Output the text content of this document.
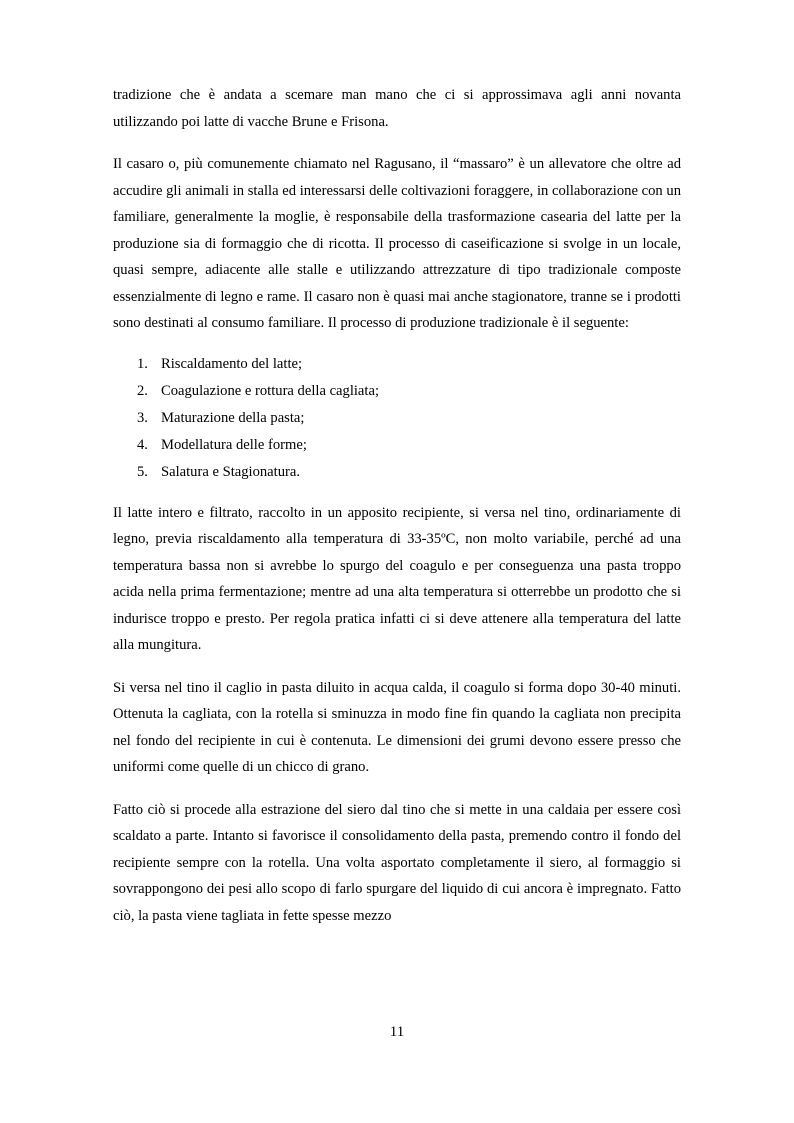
tradizione che è andata a scemare man mano che ci si approssimava agli anni novanta utilizzando poi latte di vacche Brune e Frisona.

Il casaro o, più comunemente chiamato nel Ragusano, il “massaro” è un allevatore che oltre ad accudire gli animali in stalla ed interessarsi delle coltivazioni foraggere, in collaborazione con un familiare, generalmente la moglie, è responsabile della trasformazione casearia del latte per la produzione sia di formaggio che di ricotta. Il processo di caseificazione si svolge in un locale, quasi sempre, adiacente alle stalle e utilizzando attrezzature di tipo tradizionale composte essenzialmente di legno e rame. Il casaro non è quasi mai anche stagionatore, tranne se i prodotti sono destinati al consumo familiare. Il processo di produzione tradizionale è il seguente:

1. Riscaldamento del latte;
2. Coagulazione e rottura della cagliata;
3. Maturazione della pasta;
4. Modellatura delle forme;
5. Salatura e Stagionatura.

Il latte intero e filtrato, raccolto in un apposito recipiente, si versa nel tino, ordinariamente di legno, previa riscaldamento alla temperatura di 33-35ºC, non molto variabile, perché ad una temperatura bassa non si avrebbe lo spurgo del coagulo e per conseguenza una pasta troppo acida nella prima fermentazione; mentre ad una alta temperatura si otterrebbe un prodotto che si indurisce troppo e presto. Per regola pratica infatti ci si deve attenere alla temperatura del latte alla mungitura.

Si versa nel tino il caglio in pasta diluito in acqua calda, il coagulo si forma dopo 30-40 minuti. Ottenuta la cagliata, con la rotella si sminuzza in modo fine fin quando la cagliata non precipita nel fondo del recipiente in cui è contenuta. Le dimensioni dei grumi devono essere presso che uniformi come quelle di un chicco di grano.

Fatto ciò si procede alla estrazione del siero dal tino che si mette in una caldaia per essere così scaldato a parte. Intanto si favorisce il consolidamento della pasta, premendo contro il fondo del recipiente sempre con la rotella. Una volta asportato completamente il siero, al formaggio si sovrappongono dei pesi allo scopo di farlo spurgare del liquido di cui ancora è impregnato. Fatto ciò, la pasta viene tagliata in fette spesse mezzo

11
